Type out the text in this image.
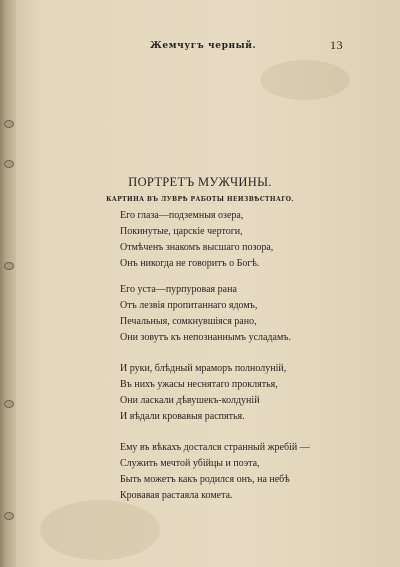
Жемчугъ черный.	13
ПОРТРЕТЪ МУЖЧИНЫ.
КАРТИНА ВЪ ЛУВРѢ РАБОТЫ НЕИЗВѢСТНАГО.
Его глаза—подземныя озера,
Покинутые, царскіе чертоги,
Отмѣченъ знакомъ высшаго позора,
Онъ никогда не говоритъ о Богѣ.
Его уста—пурпуровая рана
Отъ лезвія пропитаннаго ядомъ,
Печальныя, сомкнувшіяся рано,
Они зовутъ къ непознаннымъ усладамъ.
И руки, блѣдный мраморъ полнолуній,
Въ нихъ ужасы неснятаго проклятья,
Они ласкали дѣвушекъ-колдуній
И вѣдали кровавыя распятья.
Ему въ вѣкахъ достался странный жребій —
Служить мечтой убійцы и поэта,
Быть можетъ какъ родился онъ, на небѣ
Кровавая растаяла комета.
